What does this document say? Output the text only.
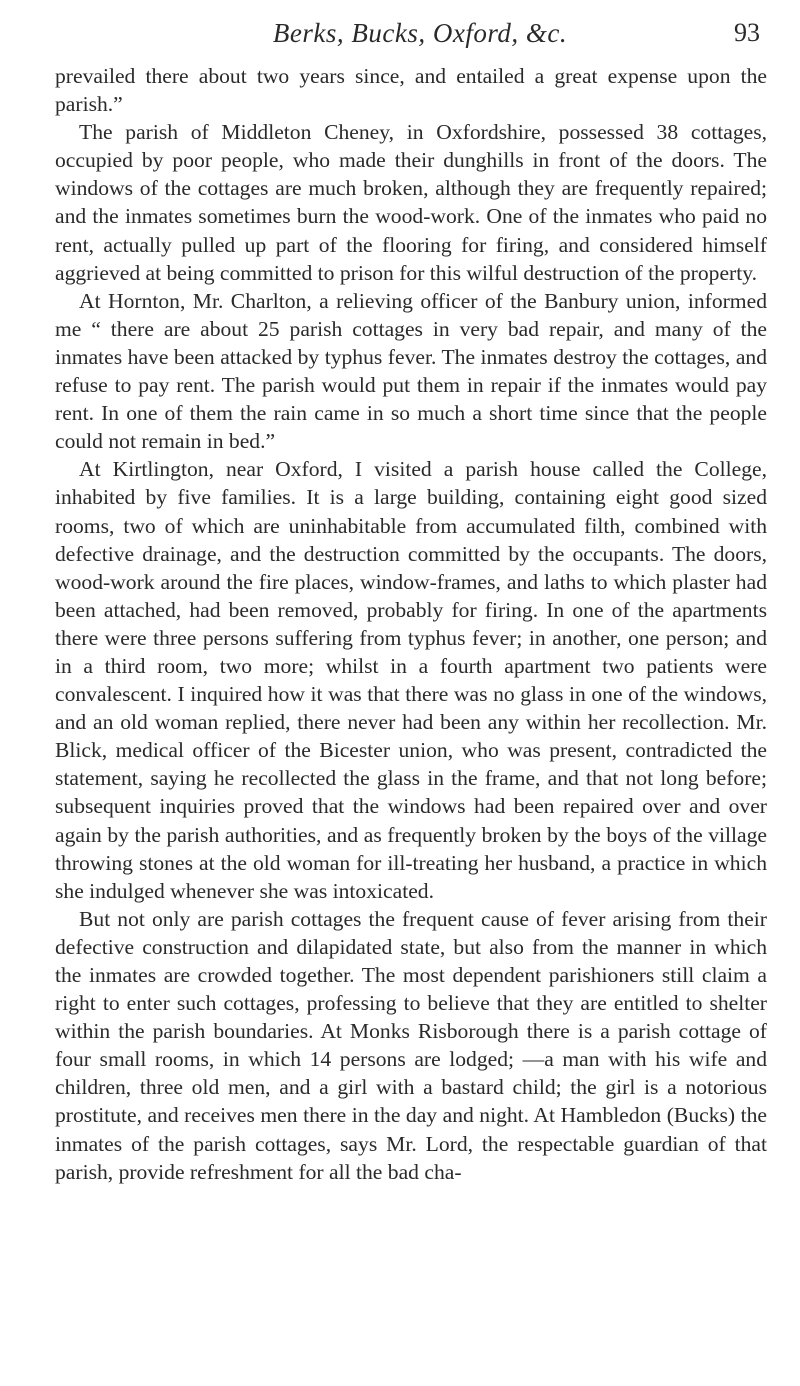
Berks, Bucks, Oxford, &c.	93

prevailed there about two years since, and entailed a great expense upon the parish.”

The parish of Middleton Cheney, in Oxfordshire, possessed 38 cottages, occupied by poor people, who made their dunghills in front of the doors. The windows of the cottages are much broken, although they are frequently repaired; and the inmates sometimes burn the wood-work. One of the inmates who paid no rent, actually pulled up part of the flooring for firing, and considered himself aggrieved at being committed to prison for this wilful destruction of the property.

At Hornton, Mr. Charlton, a relieving officer of the Banbury union, informed me “ there are about 25 parish cottages in very bad repair, and many of the inmates have been attacked by typhus fever. The inmates destroy the cottages, and refuse to pay rent. The parish would put them in repair if the inmates would pay rent. In one of them the rain came in so much a short time since that the people could not remain in bed.”

At Kirtlington, near Oxford, I visited a parish house called the College, inhabited by five families. It is a large building, containing eight good sized rooms, two of which are uninhabitable from accumulated filth, combined with defective drainage, and the destruction committed by the occupants. The doors, wood-work around the fire places, window-frames, and laths to which plaster had been attached, had been removed, probably for firing. In one of the apartments there were three persons suffering from typhus fever; in another, one person; and in a third room, two more; whilst in a fourth apartment two patients were convalescent. I inquired how it was that there was no glass in one of the windows, and an old woman replied, there never had been any within her recollection. Mr. Blick, medical officer of the Bicester union, who was present, contradicted the statement, saying he recollected the glass in the frame, and that not long before; subsequent inquiries proved that the windows had been repaired over and over again by the parish authorities, and as frequently broken by the boys of the village throwing stones at the old woman for ill-treating her husband, a practice in which she indulged whenever she was intoxicated.

But not only are parish cottages the frequent cause of fever arising from their defective construction and dilapidated state, but also from the manner in which the inmates are crowded together. The most dependent parishioners still claim a right to enter such cottages, professing to believe that they are entitled to shelter within the parish boundaries. At Monks Risborough there is a parish cottage of four small rooms, in which 14 persons are lodged; —a man with his wife and children, three old men, and a girl with a bastard child; the girl is a notorious prostitute, and receives men there in the day and night. At Hambledon (Bucks) the inmates of the parish cottages, says Mr. Lord, the respectable guardian of that parish, provide refreshment for all the bad cha-
